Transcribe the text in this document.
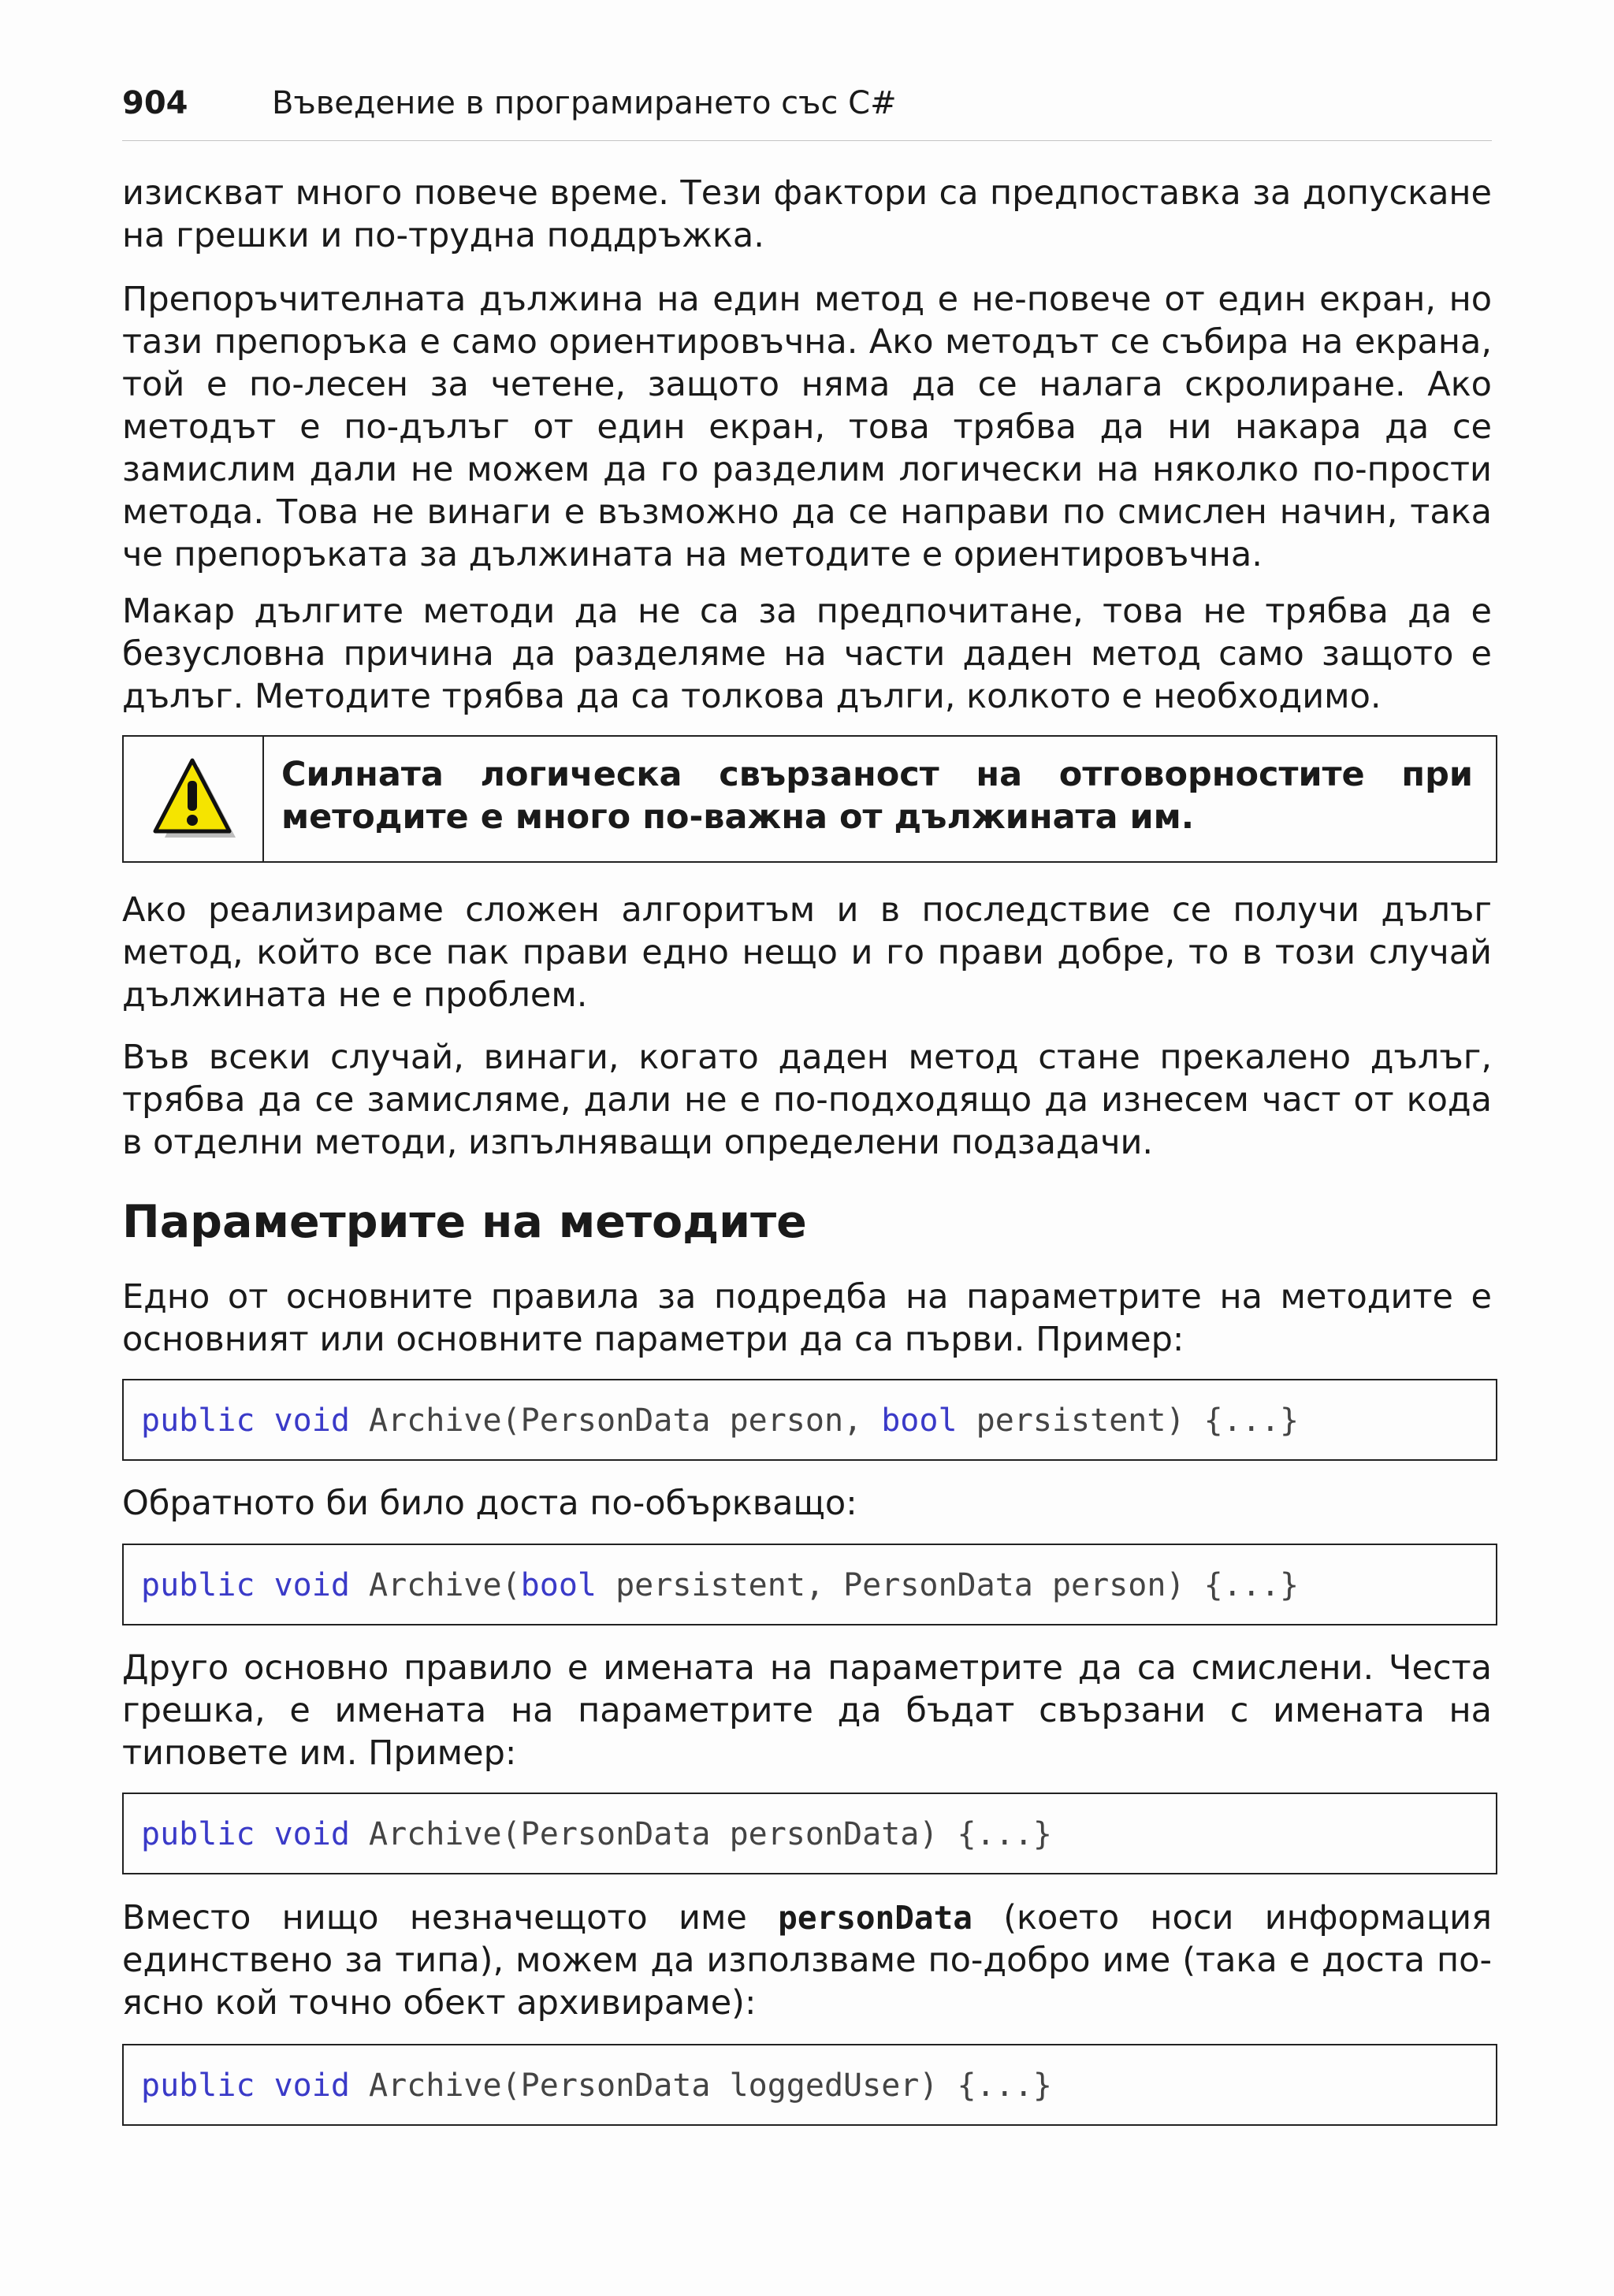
904	Въведение в програмирането със C#

изискват много повече време. Тези фактори са предпоставка за допускане на грешки и по-трудна поддръжка.

Препоръчителната дължина на един метод е не-повече от един екран, но тази препоръка е само ориентировъчна. Ако методът се събира на екрана, той е по-лесен за четене, защото няма да се налага скролиране. Ако методът е по-дълъг от един екран, това трябва да ни накара да се замислим дали не можем да го разделим логически на няколко по-прости метода. Това не винаги е възможно да се направи по смислен начин, така че препоръката за дължината на методите е ориентировъчна.

Макар дългите методи да не са за предпочитане, това не трябва да е безусловна причина да разделяме на части даден метод само защото е дълъг. Методите трябва да са толкова дълги, колкото е необходимо.

Силната логическа свързаност на отговорностите при методите е много по-важна от дължината им.

Ако реализираме сложен алгоритъм и в последствие се получи дълъг метод, който все пак прави едно нещо и го прави добре, то в този случай дължината не е проблем.

Във всеки случай, винаги, когато даден метод стане прекалено дълъг, трябва да се замисляме, дали не е по-подходящо да изнесем част от кода в отделни методи, изпълняващи определени подзадачи.

Параметрите на методите

Едно от основните правила за подредба на параметрите на методите е основният или основните параметри да са първи. Пример:

public void Archive(PersonData person, bool persistent) {...}

Обратното би било доста по-объркващо:

public void Archive(bool persistent, PersonData person) {...}

Друго основно правило е имената на параметрите да са смислени. Честа грешка, е имената на параметрите да бъдат свързани с имената на типовете им. Пример:

public void Archive(PersonData personData) {...}

Вместо нищо незначещото име personData (което носи информация единствено за типа), можем да използваме по-добро име (така е доста по-ясно кой точно обект архивираме):

public void Archive(PersonData loggedUser) {...}
